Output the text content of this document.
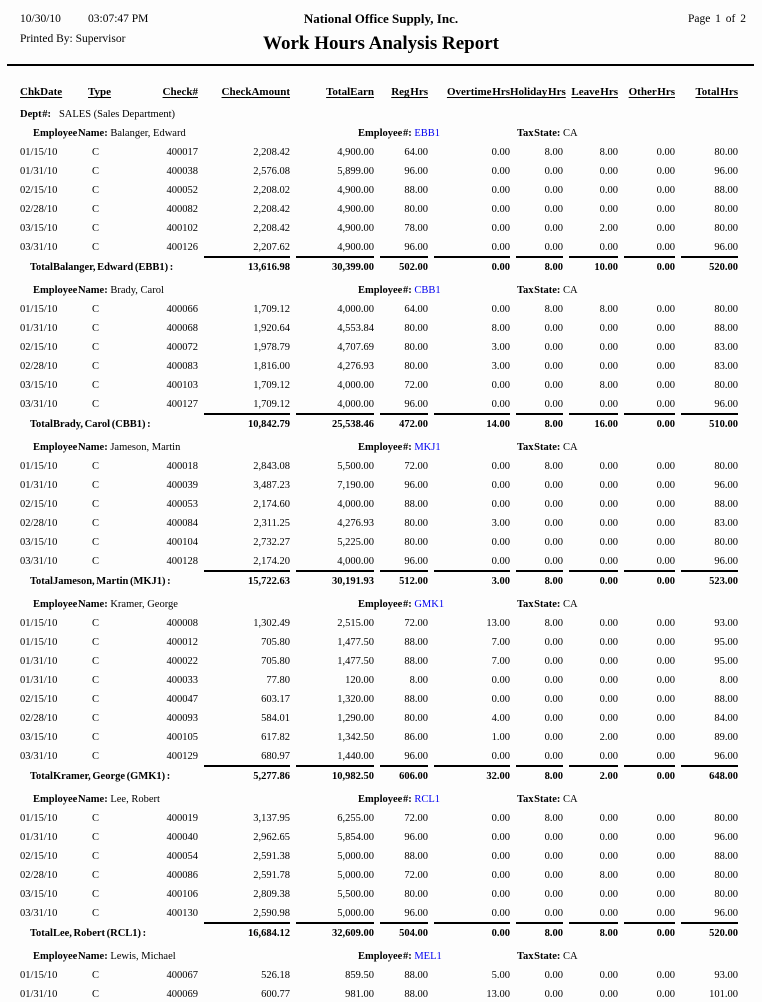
10/30/10 03:07:47 PM	National Office Supply, Inc.	Page 1 of 2
Printed By: Supervisor	Work Hours Analysis Report
ChkDate	Type	Check#	CheckAmount	TotalEarn	Reg Hrs	Overtime Hrs	Holiday Hrs	Leave Hrs	Other Hrs	Total Hrs
Dept #: SALES (Sales Department)										
Employee Name: Balanger, Edward Employee #: EBB1 Tax State: CA										

01/15/10	C	400017	2,208.42	4,900.00	64.00	0.00	8.00	8.00	0.00	80.00
01/31/10	C	400038	2,576.08	5,899.00	96.00	0.00	0.00	0.00	0.00	96.00
02/15/10	C	400052	2,208.02	4,900.00	88.00	0.00	0.00	0.00	0.00	88.00
02/28/10	C	400082	2,208.42	4,900.00	80.00	0.00	0.00	0.00	0.00	80.00
03/15/10	C	400102	2,208.42	4,900.00	78.00	0.00	0.00	2.00	0.00	80.00
03/31/10	C	400126	2,207.62	4,900.00	96.00	0.00	0.00	0.00	0.00	96.00
TotalBalanger, Edward (EBB1) :			13,616.98	30,399.00	502.00	0.00	8.00	10.00	0.00	520.00

Employee Name: Brady, Carol Employee #: CBB1 Tax State: CA										

01/15/10	C	400066	1,709.12	4,000.00	64.00	0.00	8.00	8.00	0.00	80.00
01/31/10	C	400068	1,920.64	4,553.84	80.00	8.00	0.00	0.00	0.00	88.00
02/15/10	C	400072	1,978.79	4,707.69	80.00	3.00	0.00	0.00	0.00	83.00
02/28/10	C	400083	1,816.00	4,276.93	80.00	3.00	0.00	0.00	0.00	83.00
03/15/10	C	400103	1,709.12	4,000.00	72.00	0.00	0.00	8.00	0.00	80.00
03/31/10	C	400127	1,709.12	4,000.00	96.00	0.00	0.00	0.00	0.00	96.00
TotalBrady, Carol (CBB1) :			10,842.79	25,538.46	472.00	14.00	8.00	16.00	0.00	510.00

Employee Name: Jameson, Martin Employee #: MKJ1 Tax State: CA										

01/15/10	C	400018	2,843.08	5,500.00	72.00	0.00	8.00	0.00	0.00	80.00
01/31/10	C	400039	3,487.23	7,190.00	96.00	0.00	0.00	0.00	0.00	96.00
02/15/10	C	400053	2,174.60	4,000.00	88.00	0.00	0.00	0.00	0.00	88.00
02/28/10	C	400084	2,311.25	4,276.93	80.00	3.00	0.00	0.00	0.00	83.00
03/15/10	C	400104	2,732.27	5,225.00	80.00	0.00	0.00	0.00	0.00	80.00
03/31/10	C	400128	2,174.20	4,000.00	96.00	0.00	0.00	0.00	0.00	96.00
TotalJameson, Martin (MKJ1) :			15,722.63	30,191.93	512.00	3.00	8.00	0.00	0.00	523.00

Employee Name: Kramer, George Employee #: GMK1 Tax State: CA										

01/15/10	C	400008	1,302.49	2,515.00	72.00	13.00	8.00	0.00	0.00	93.00
01/15/10	C	400012	705.80	1,477.50	88.00	7.00	0.00	0.00	0.00	95.00
01/31/10	C	400022	705.80	1,477.50	88.00	7.00	0.00	0.00	0.00	95.00
01/31/10	C	400033	77.80	120.00	8.00	0.00	0.00	0.00	0.00	8.00
02/15/10	C	400047	603.17	1,320.00	88.00	0.00	0.00	0.00	0.00	88.00
02/28/10	C	400093	584.01	1,290.00	80.00	4.00	0.00	0.00	0.00	84.00
03/15/10	C	400105	617.82	1,342.50	86.00	1.00	0.00	2.00	0.00	89.00
03/31/10	C	400129	680.97	1,440.00	96.00	0.00	0.00	0.00	0.00	96.00
TotalKramer, George (GMK1) :			5,277.86	10,982.50	606.00	32.00	8.00	2.00	0.00	648.00

Employee Name: Lee, Robert Employee #: RCL1 Tax State: CA										

01/15/10	C	400019	3,137.95	6,255.00	72.00	0.00	8.00	0.00	0.00	80.00
01/31/10	C	400040	2,962.65	5,854.00	96.00	0.00	0.00	0.00	0.00	96.00
02/15/10	C	400054	2,591.38	5,000.00	88.00	0.00	0.00	0.00	0.00	88.00
02/28/10	C	400086	2,591.78	5,000.00	72.00	0.00	0.00	8.00	0.00	80.00
03/15/10	C	400106	2,809.38	5,500.00	80.00	0.00	0.00	0.00	0.00	80.00
03/31/10	C	400130	2,590.98	5,000.00	96.00	0.00	0.00	0.00	0.00	96.00
TotalLee, Robert (RCL1) :			16,684.12	32,609.00	504.00	0.00	8.00	8.00	0.00	520.00

Employee Name: Lewis, Michael Employee #: MEL1 Tax State: CA										

01/15/10	C	400067	526.18	859.50	88.00	5.00	0.00	0.00	0.00	93.00
01/31/10	C	400069	600.77	981.00	88.00	13.00	0.00	0.00	0.00	101.00
